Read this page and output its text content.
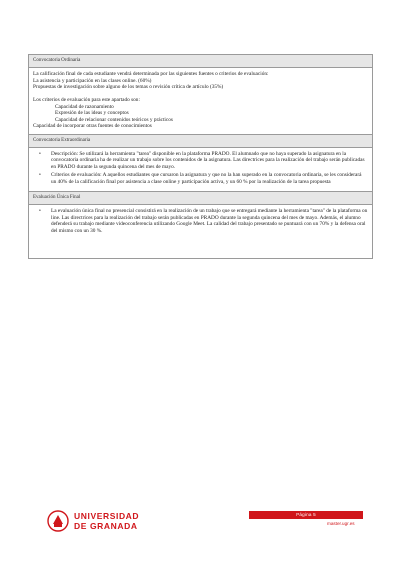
Convocatoria Ordinaria
La calificación final de cada estudiante vendrá determinada por las siguientes fuentes o criterios de evaluación:
La asistencia y participación en las clases online. (60%)
Propuestas de investigación sobre alguno de los temas o revisión crítica de artículo (35%)
Los criterios de evaluación para este apartado son:
Capacidad de razonamiento
Expresión de las ideas y conceptos
Capacidad de relacionar contenidos teóricos y prácticos
Capacidad de incorporar otras fuentes de conocimientos
Convocatoria Extraordinaria
• Descripción: Se utilizará la herramienta "tarea" disponible en la plataforma PRADO. El alumnado que no haya superado la asignatura en la convocatoria ordinaria ha de realizar un trabajo sobre los contenidos de la asignatura. Las directrices para la realización del trabajo serán publicadas en PRADO durante la segunda quincena del mes de mayo.
• Criterios de evaluación: A aquellos estudiantes que cursaron la asignatura y que no la han superado en la convocatoria ordinaria, se les considerará un 40% de la calificación final por asistencia a clase online y participación activa, y un 60 % por la realización de la tarea propuesta
Evaluación Única Final
• La evaluación única final no presencial consistirá en la realización de un trabajo que se entregará mediante la herramienta "tarea" de la plataforma on line. Las directrices para la realización del trabajo serán publicadas en PRADO durante la segunda quincena del mes de mayo. Además, el alumno defenderá su trabajo mediante videoconferencia utilizando Google Meet. La calidad del trabajo presentado se puntuará con un 70% y la defensa oral del mismo con un 30 %.
UNIVERSIDAD
DE GRANADA
Página 5
master.ugr.es
